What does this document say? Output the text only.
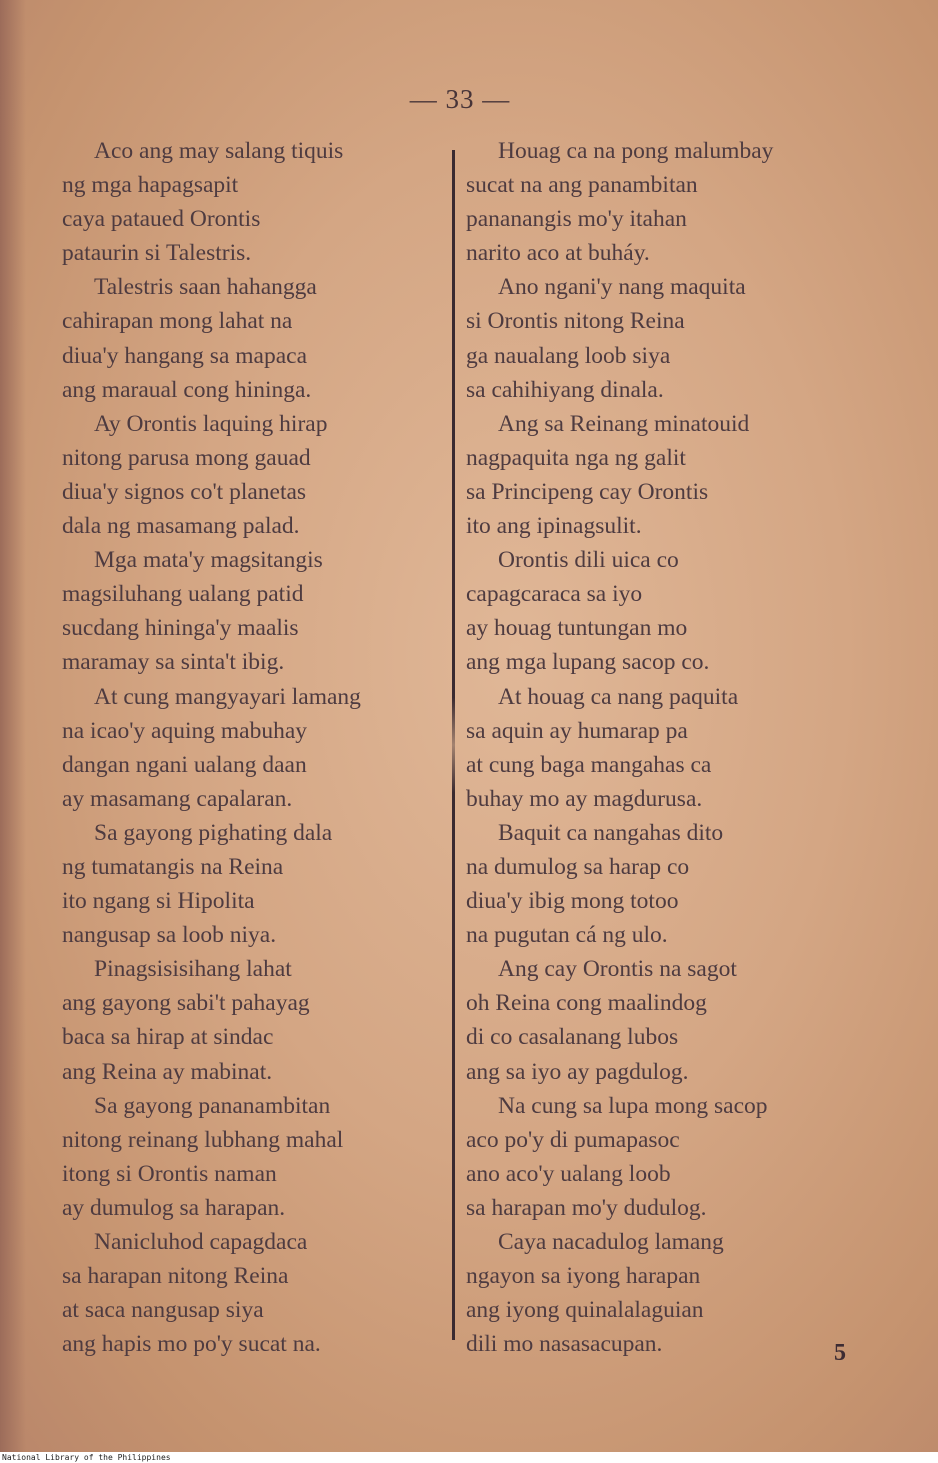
— 33 —
Aco ang may salang tiquis
ng mga hapagsapit
caya pataued Orontis
pataurin si Talestris.
Talestris saan hahangga
cahirapan mong lahat na
diua'y hangang sa mapaca
ang maraual cong hininga.
Ay Orontis laquing hirap
nitong parusa mong gauad
diua'y signos co't planetas
dala ng masamang palad.
Mga mata'y magsitangis
magsiluhang ualang patid
sucdang hininga'y maalis
maramay sa sinta't ibig.
At cung mangyayari lamang
na icao'y aquing mabuhay
dangan ngani ualang daan
ay masamang capalaran.
Sa gayong pighating dala
ng tumatangis na Reina
ito ngang si Hipolita
nangusap sa loob niya.
Pinagsisisihang lahat
ang gayong sabi't pahayag
baca sa hirap at sindac
ang Reina ay mabinat.
Sa gayong pananambitan
nitong reinang lubhang mahal
itong si Orontis naman
ay dumulog sa harapan.
Nanicluhod capagdaca
sa harapan nitong Reina
at saca nangusap siya
ang hapis mo po'y sucat na.
Houag ca na pong malumbay
sucat na ang panambitan
pananangis mo'y itahan
narito aco at buháy.
Ano ngani'y nang maquita
si Orontis nitong Reina
ga naualang loob siya
sa cahihiyang dinala.
Ang sa Reinang minatouid
nagpaquita nga ng galit
sa Principeng cay Orontis
ito ang ipinagsulit.
Orontis dili uica co
capagcaraca sa iyo
ay houag tuntungan mo
ang mga lupang sacop co.
At houag ca nang paquita
sa aquin ay humarap pa
at cung baga mangahas ca
buhay mo ay magdurusa.
Baquit ca nangahas dito
na dumulog sa harap co
diua'y ibig mong totoo
na pugutan cá ng ulo.
Ang cay Orontis na sagot
oh Reina cong maalindog
di co casalanang lubos
ang sa iyo ay pagdulog.
Na cung sa lupa mong sacop
aco po'y di pumapasoc
ano aco'y ualang loob
sa harapan mo'y dudulog.
Caya nacadulog lamang
ngayon sa iyong harapan
ang iyong quinalalaguian
dili mo nasasacupan.	5
National Library of the Philippines
